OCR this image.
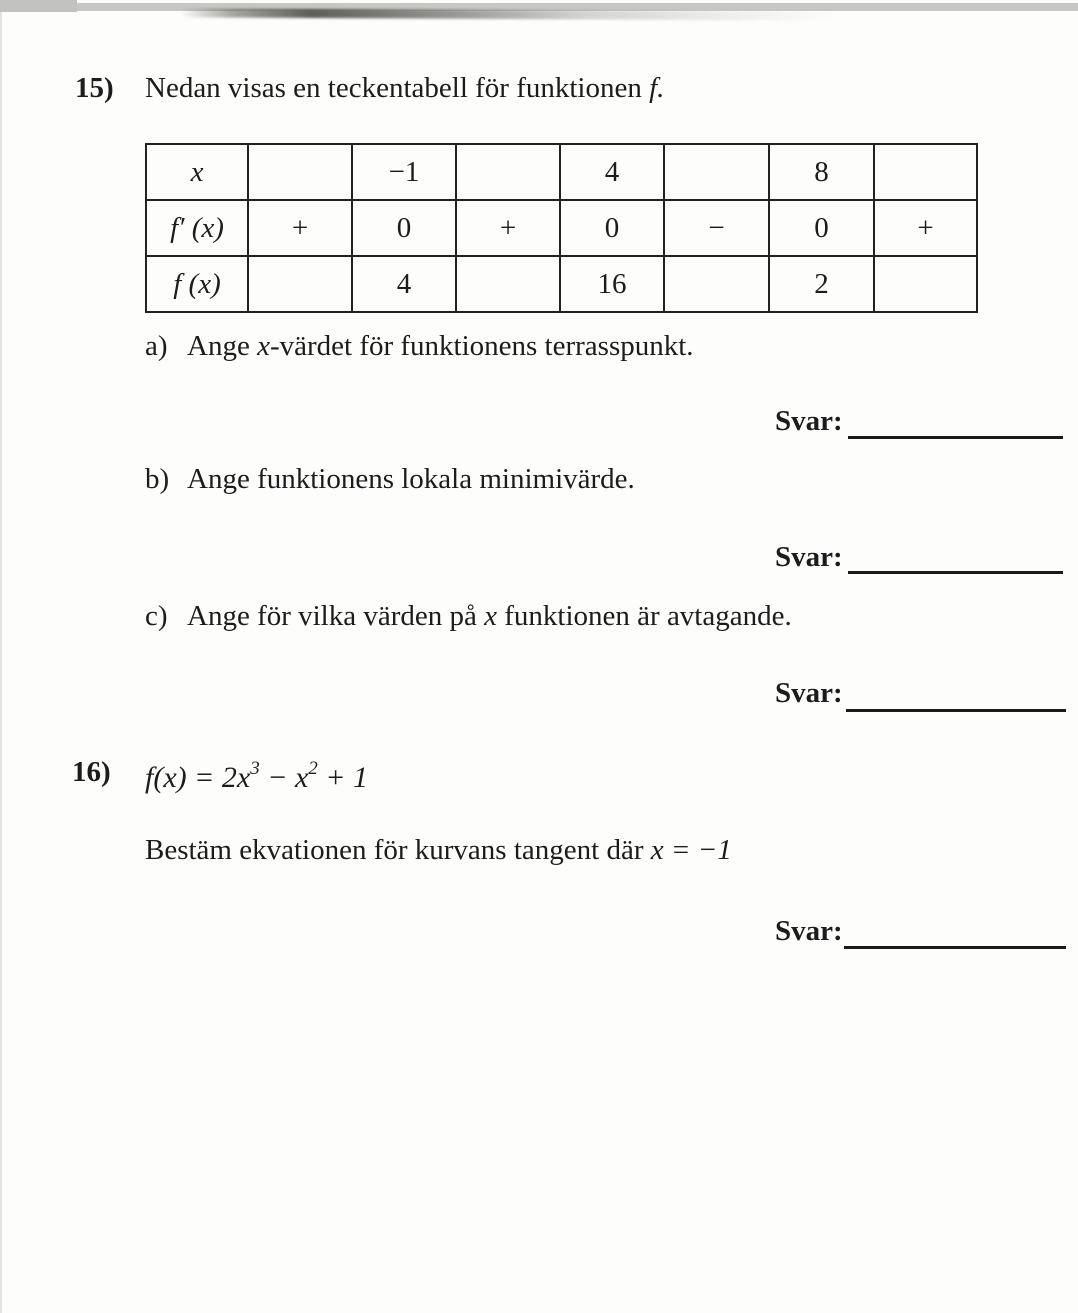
15) Nedan visas en teckentabell för funktionen f.
x		−1		4		8	
f′ (x)	+	0	+	0	−	0	+
f (x)		4		16		2	
a) Ange x-värdet för funktionens terrasspunkt.
Svar:
b) Ange funktionens lokala minimivärde.
Svar:
c) Ange för vilka värden på x funktionen är avtagande.
Svar:
16) $f(x) = 2x^3 - x^2 + 1$
Bestäm ekvationen för kurvans tangent där x = −1
Svar:
